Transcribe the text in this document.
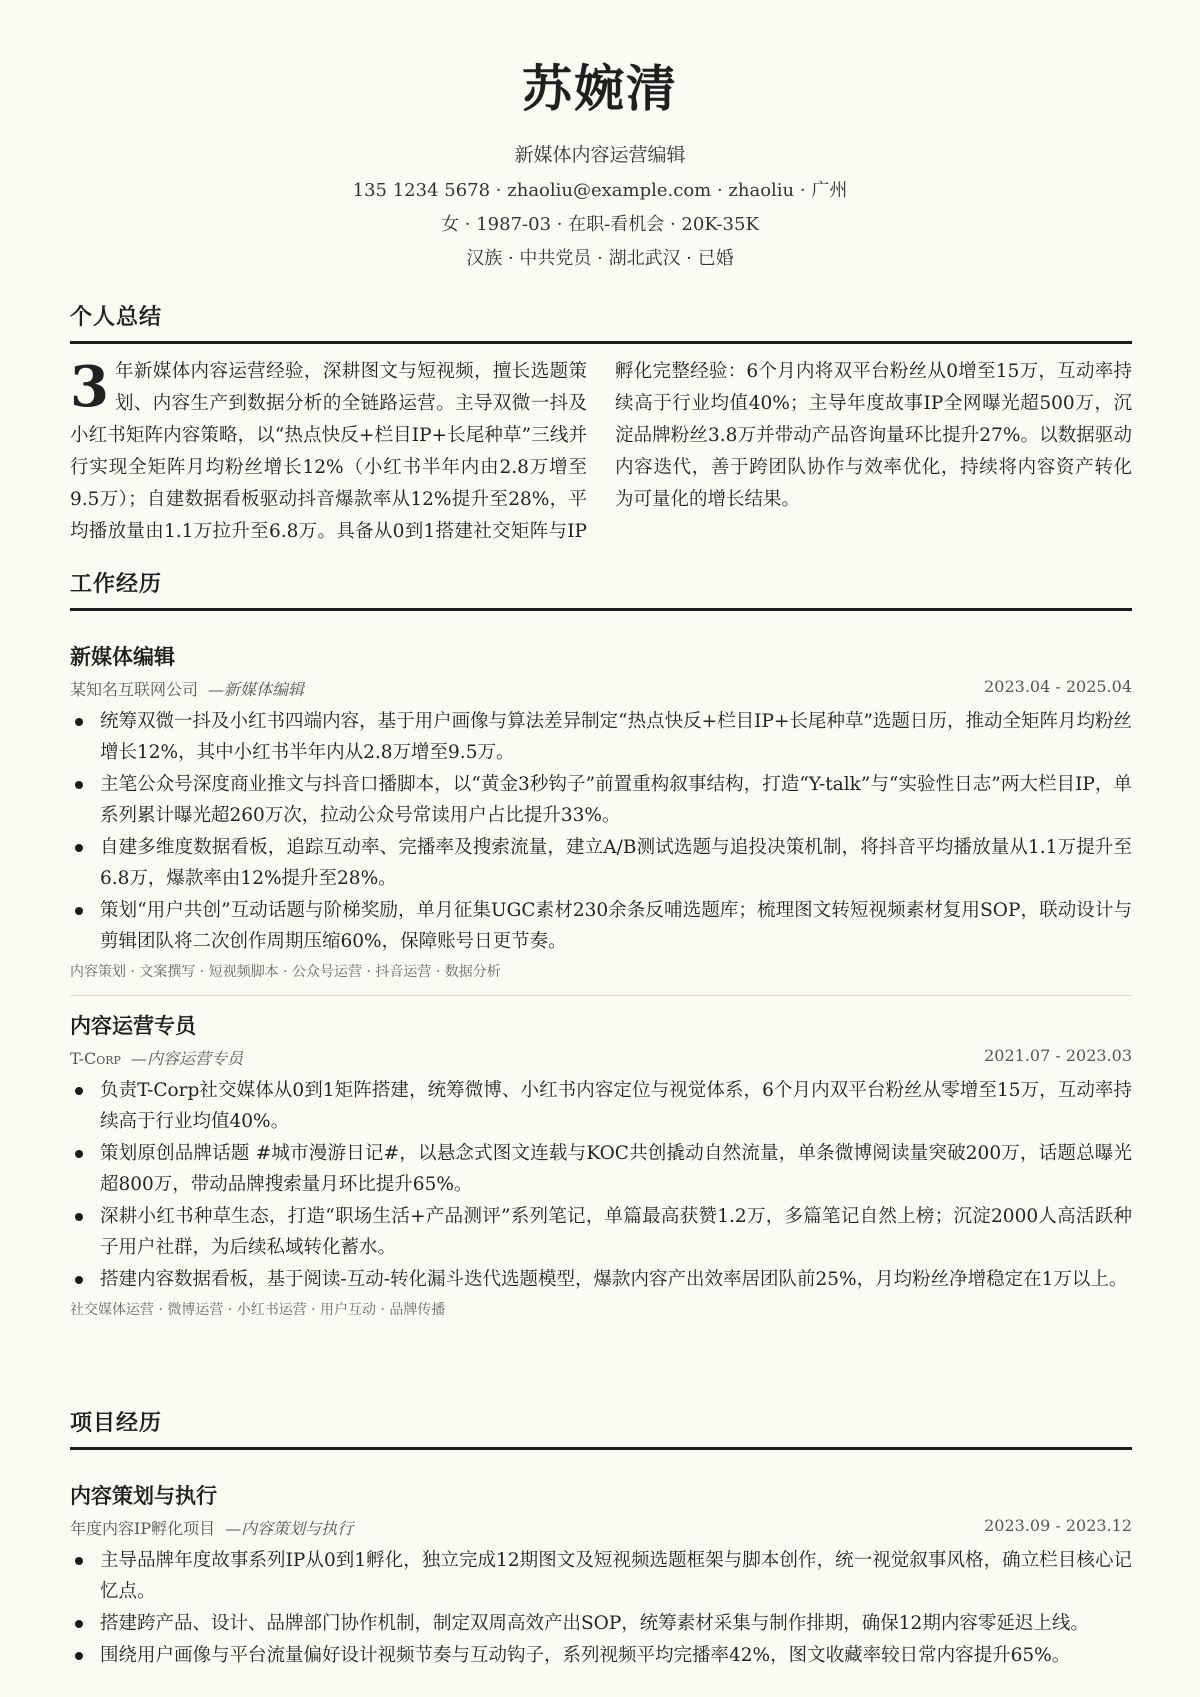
苏婉清
新媒体内容运营编辑
135 1234 5678 · zhaoliu@example.com · zhaoliu · 广州
女 · 1987-03 · 在职-看机会 · 20K-35K
汉族 · 中共党员 · 湖北武汉 · 已婚
个人总结
3 年新媒体内容运营经验，深耕图文与短视频，擅长选题策划、内容生产到数据分析的全链路运营。主导双微一抖及小红书矩阵内容策略，以“热点快反+栏目IP+长尾种草”三线并行实现全矩阵月均粉丝增长12%（小红书半年内由2.8万增至9.5万）；自建数据看板驱动抖音爆款率从12%提升至28%，平均播放量由1.1万拉升至6.8万。具备从0到1搭建社交矩阵与IP孵化完整经验：6个月内将双平台粉丝从0增至15万，互动率持续高于行业均值40%；主导年度故事IP全网曝光超500万，沉淀品牌粉丝3.8万并带动产品咨询量环比提升27%。以数据驱动内容迭代，善于跨团队协作与效率优化，持续将内容资产转化为可量化的增长结果。
工作经历
新媒体编辑
某知名互联网公司 —新媒体编辑	2023.04 - 2025.04
统筹双微一抖及小红书四端内容，基于用户画像与算法差异制定“热点快反+栏目IP+长尾种草”选题日历，推动全矩阵月均粉丝增长12%，其中小红书半年内从2.8万增至9.5万。
主笔公众号深度商业推文与抖音口播脚本，以“黄金3秒钩子”前置重构叙事结构，打造“Y-talk”与“实验性日志”两大栏目IP，单系列累计曝光超260万次，拉动公众号常读用户占比提升33%。
自建多维度数据看板，追踪互动率、完播率及搜索流量，建立A/B测试选题与追投决策机制，将抖音平均播放量从1.1万提升至6.8万，爆款率由12%提升至28%。
策划“用户共创”互动话题与阶梯奖励，单月征集UGC素材230余条反哺选题库；梳理图文转短视频素材复用SOP，联动设计与剪辑团队将二次创作周期压缩60%，保障账号日更节奏。
内容策划 · 文案撰写 · 短视频脚本 · 公众号运营 · 抖音运营 · 数据分析
内容运营专员
T-Corp —内容运营专员	2021.07 - 2023.03
负责T-Corp社交媒体从0到1矩阵搭建，统筹微博、小红书内容定位与视觉体系，6个月内双平台粉丝从零增至15万，互动率持续高于行业均值40%。
策划原创品牌话题 #城市漫游日记#，以悬念式图文连载与KOC共创撬动自然流量，单条微博阅读量突破200万，话题总曝光超800万，带动品牌搜索量月环比提升65%。
深耕小红书种草生态，打造“职场生活+产品测评”系列笔记，单篇最高获赞1.2万，多篇笔记自然上榜；沉淀2000人高活跃种子用户社群，为后续私域转化蓄水。
搭建内容数据看板，基于阅读-互动-转化漏斗迭代选题模型，爆款内容产出效率居团队前25%，月均粉丝净增稳定在1万以上。
社交媒体运营 · 微博运营 · 小红书运营 · 用户互动 · 品牌传播
项目经历
内容策划与执行
年度内容IP孵化项目 —内容策划与执行	2023.09 - 2023.12
主导品牌年度故事系列IP从0到1孵化，独立完成12期图文及短视频选题框架与脚本创作，统一视觉叙事风格，确立栏目核心记忆点。
搭建跨产品、设计、品牌部门协作机制，制定双周高效产出SOP，统筹素材采集与制作排期，确保12期内容零延迟上线。
围绕用户画像与平台流量偏好设计视频节奏与互动钩子，系列视频平均完播率42%，图文收藏率较日常内容提升65%。
